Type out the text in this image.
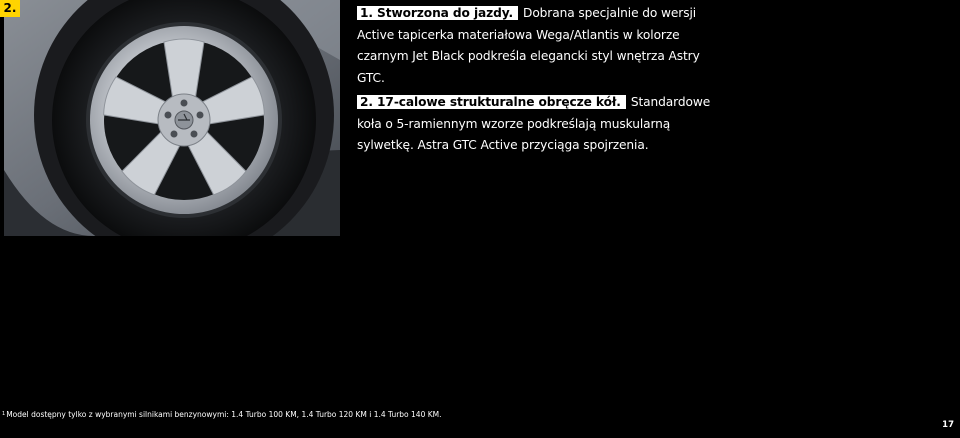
2.	1. Stworzona do jazdy. Dobrana specjalnie do wersji Active tapicerka materiałowa Wega/Atlantis w kolorze czarnym Jet Black podkreśla elegancki styl wnętrza Astry GTC.

2. 17-calowe strukturalne obręcze kół. Standardowe koła o 5-ramiennym wzorze podkreślają muskularną sylwetkę. Astra GTC Active przyciąga spojrzenia.

$^1$Model dostępny tylko z wybranymi silnikami benzynowymi: 1.4 Turbo 100 KM, 1.4 Turbo 120 KM i 1.4 Turbo 140 KM.
17
